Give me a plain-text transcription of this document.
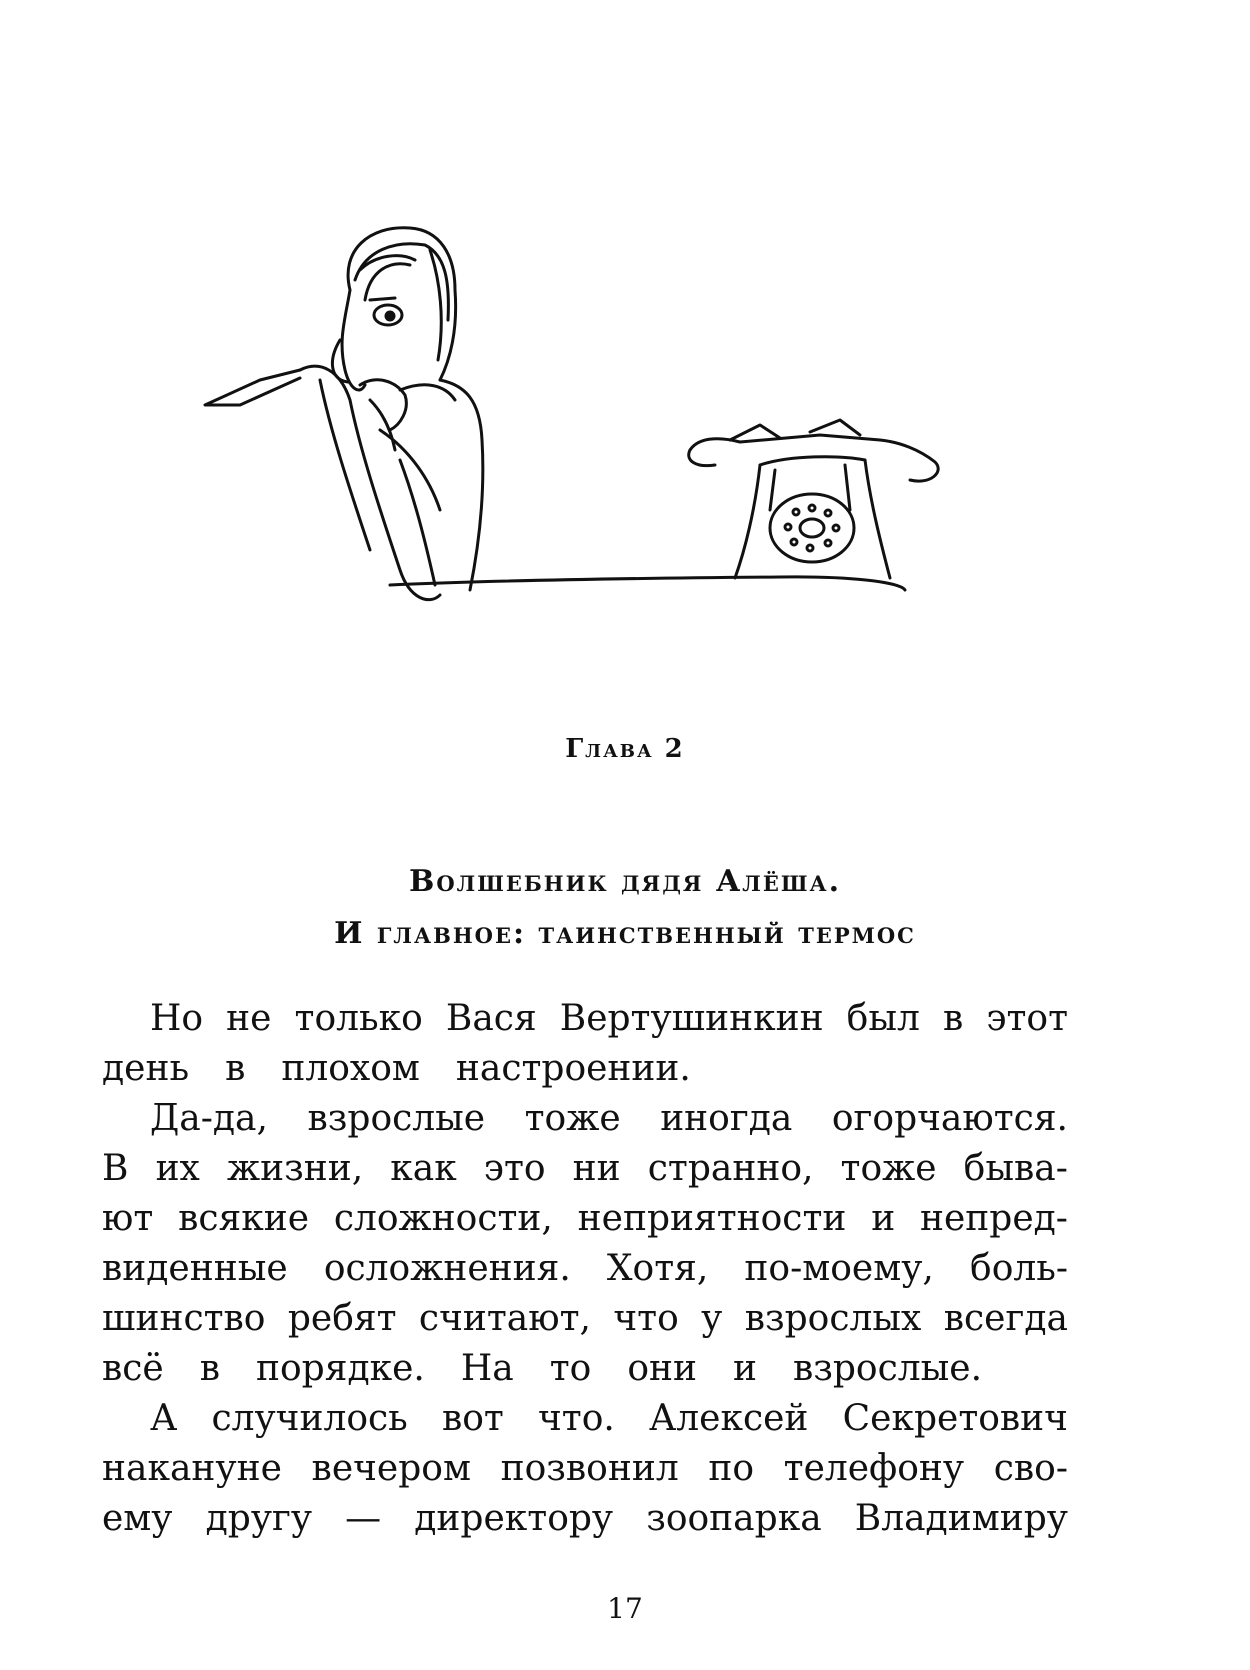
Глава 2
Волшебник дядя Алёша.
И главное: таинственный термос
Но не только Вася Вертушинкин был в этот
день в плохом настроении.
Да-да, взрослые тоже иногда огорчаются.
В их жизни, как это ни странно, тоже быва-
ют всякие сложности, неприятности и непред-
виденные осложнения. Хотя, по-моему, боль-
шинство ребят считают, что у взрослых всегда
всё в порядке. На то они и взрослые.
А случилось вот что. Алексей Секретович
накануне вечером позвонил по телефону сво-
ему другу — директору зоопарка Владимиру
17
